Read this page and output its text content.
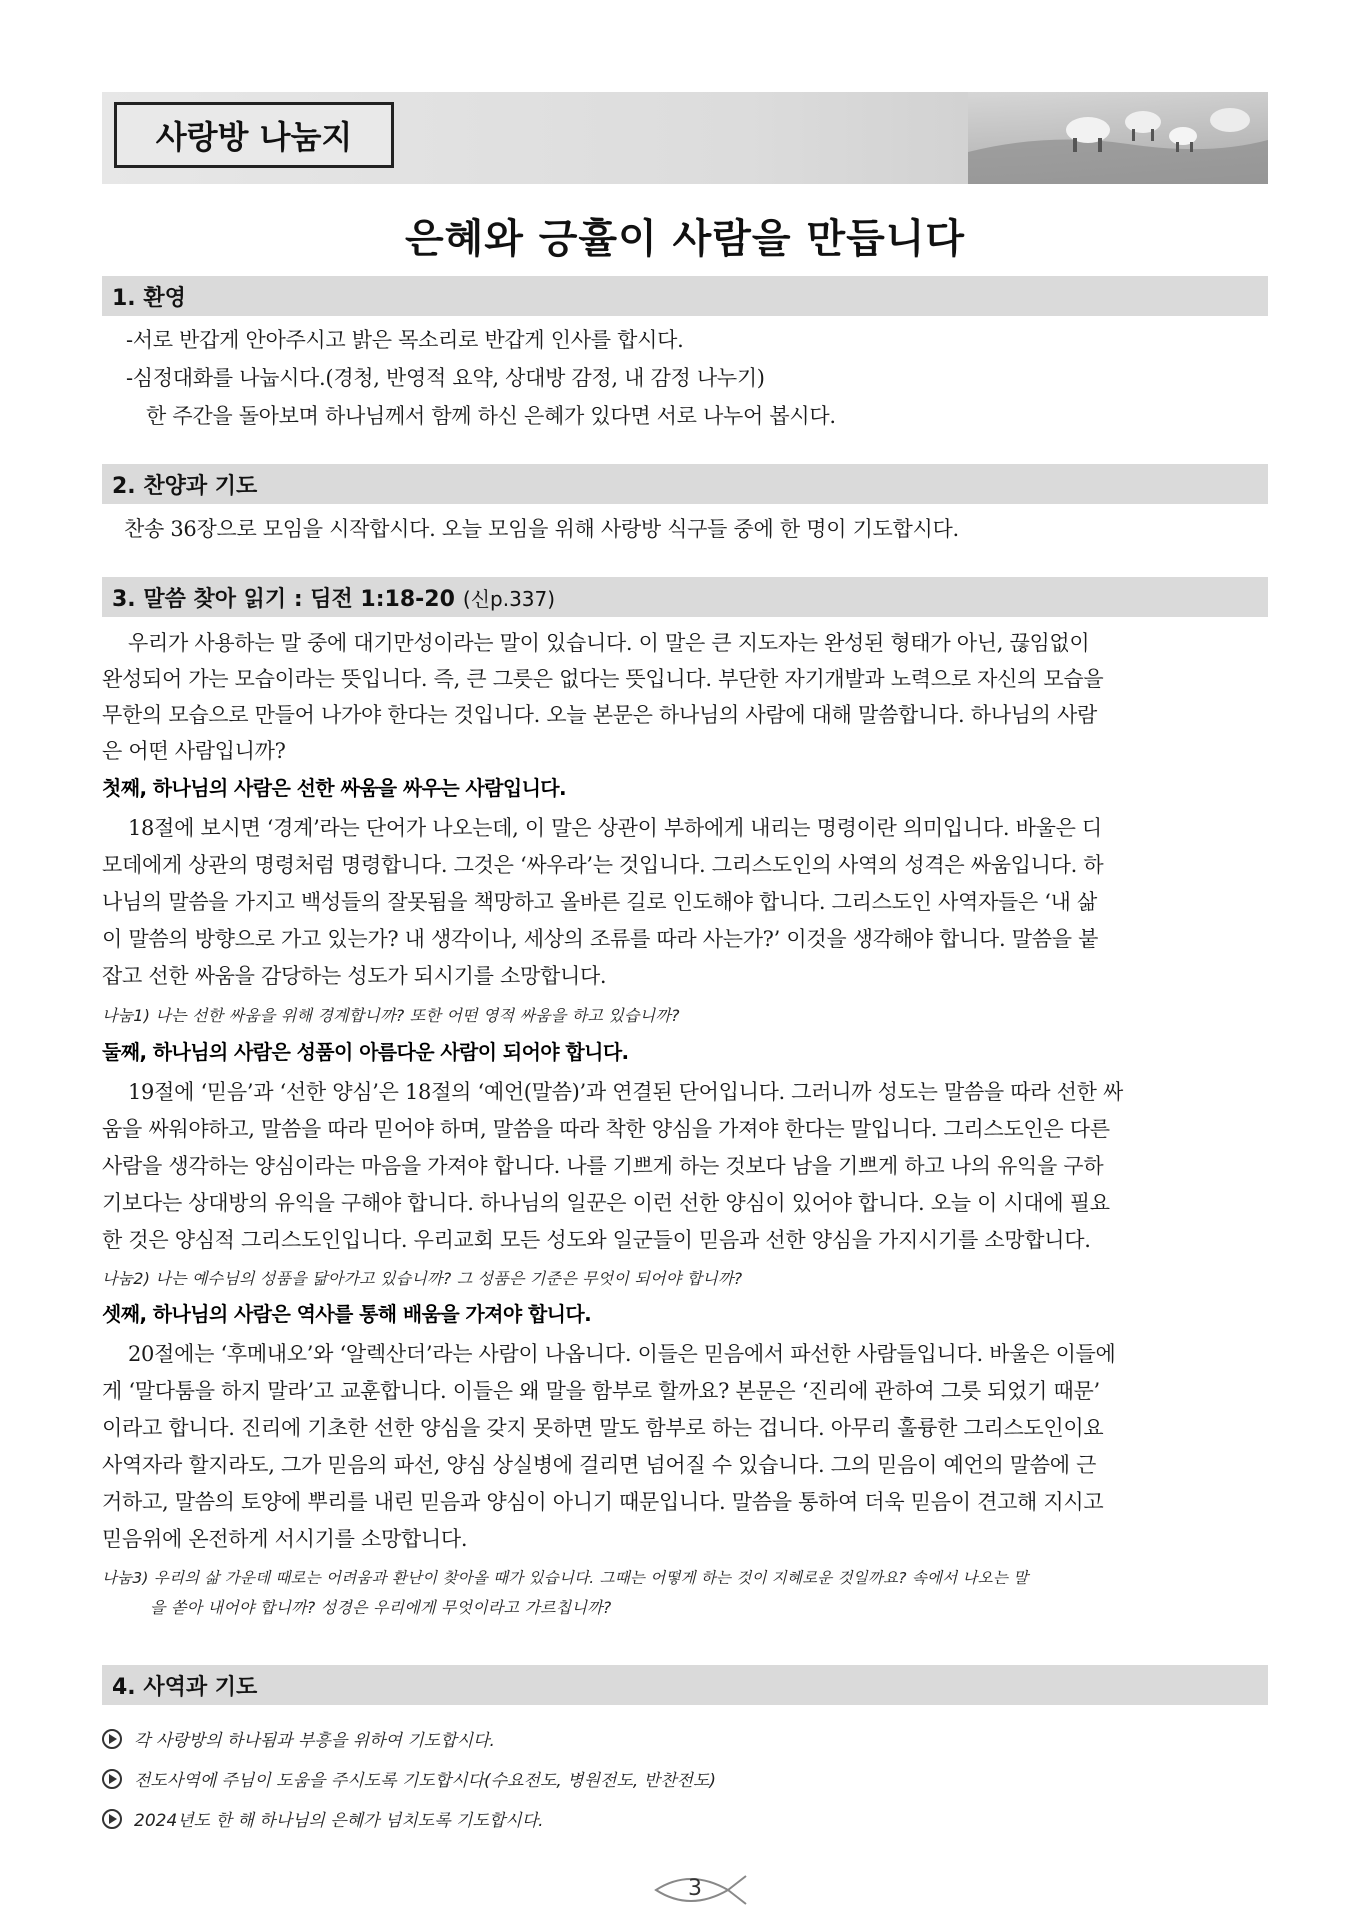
사랑방 나눔지
은혜와 긍휼이 사람을 만듭니다
1. 환영
-서로 반갑게 안아주시고 밝은 목소리로 반갑게 인사를 합시다.
-심정대화를 나눕시다.(경청, 반영적 요약, 상대방 감정, 내 감정 나누기)
한 주간을 돌아보며 하나님께서 함께 하신 은혜가 있다면 서로 나누어 봅시다.
2. 찬양과 기도
찬송 36장으로 모임을 시작합시다. 오늘 모임을 위해 사랑방 식구들 중에 한 명이 기도합시다.
3. 말씀 찾아 읽기 : 딤전 1:18-20 (신p.337)
우리가 사용하는 말 중에 대기만성이라는 말이 있습니다. 이 말은 큰 지도자는 완성된 형태가 아닌, 끊임없이
완성되어 가는 모습이라는 뜻입니다. 즉, 큰 그릇은 없다는 뜻입니다. 부단한 자기개발과 노력으로 자신의 모습을
무한의 모습으로 만들어 나가야 한다는 것입니다. 오늘 본문은 하나님의 사람에 대해 말씀합니다. 하나님의 사람
은 어떤 사람입니까?
첫째, 하나님의 사람은 선한 싸움을 싸우는 사람입니다.
18절에 보시면 ‘경계’라는 단어가 나오는데, 이 말은 상관이 부하에게 내리는 명령이란 의미입니다. 바울은 디
모데에게 상관의 명령처럼 명령합니다. 그것은 ‘싸우라’는 것입니다. 그리스도인의 사역의 성격은 싸움입니다. 하
나님의 말씀을 가지고 백성들의 잘못됨을 책망하고 올바른 길로 인도해야 합니다. 그리스도인 사역자들은 ‘내 삶
이 말씀의 방향으로 가고 있는가? 내 생각이나, 세상의 조류를 따라 사는가?’ 이것을 생각해야 합니다. 말씀을 붙
잡고 선한 싸움을 감당하는 성도가 되시기를 소망합니다.
나눔1) 나는 선한 싸움을 위해 경계합니까? 또한 어떤 영적 싸움을 하고 있습니까?
둘째, 하나님의 사람은 성품이 아름다운 사람이 되어야 합니다.
19절에 ‘믿음’과 ‘선한 양심’은 18절의 ‘예언(말씀)’과 연결된 단어입니다. 그러니까 성도는 말씀을 따라 선한 싸
움을 싸워야하고, 말씀을 따라 믿어야 하며, 말씀을 따라 착한 양심을 가져야 한다는 말입니다. 그리스도인은 다른
사람을 생각하는 양심이라는 마음을 가져야 합니다. 나를 기쁘게 하는 것보다 남을 기쁘게 하고 나의 유익을 구하
기보다는 상대방의 유익을 구해야 합니다. 하나님의 일꾼은 이런 선한 양심이 있어야 합니다. 오늘 이 시대에 필요
한 것은 양심적 그리스도인입니다. 우리교회 모든 성도와 일군들이 믿음과 선한 양심을 가지시기를 소망합니다.
나눔2) 나는 예수님의 성품을 닮아가고 있습니까? 그 성품은 기준은 무엇이 되어야 합니까?
셋째, 하나님의 사람은 역사를 통해 배움을 가져야 합니다.
20절에는 ‘후메내오’와 ‘알렉산더’라는 사람이 나옵니다. 이들은 믿음에서 파선한 사람들입니다. 바울은 이들에
게 ‘말다툼을 하지 말라’고 교훈합니다. 이들은 왜 말을 함부로 할까요? 본문은 ‘진리에 관하여 그릇 되었기 때문’
이라고 합니다. 진리에 기초한 선한 양심을 갖지 못하면 말도 함부로 하는 겁니다. 아무리 훌륭한 그리스도인이요
사역자라 할지라도, 그가 믿음의 파선, 양심 상실병에 걸리면 넘어질 수 있습니다. 그의 믿음이 예언의 말씀에 근
거하고, 말씀의 토양에 뿌리를 내린 믿음과 양심이 아니기 때문입니다. 말씀을 통하여 더욱 믿음이 견고해 지시고
믿음위에 온전하게 서시기를 소망합니다.
나눔3) 우리의 삶 가운데 때로는 어려움과 환난이 찾아올 때가 있습니다. 그때는 어떻게 하는 것이 지혜로운 것일까요? 속에서 나오는 말
을 쏟아 내어야 합니까? 성경은 우리에게 무엇이라고 가르칩니까?
4. 사역과 기도
각 사랑방의 하나됨과 부흥을 위하여 기도합시다.
전도사역에 주님이 도움을 주시도록 기도합시다(수요전도, 병원전도, 반찬전도)
2024년도 한 해 하나님의 은혜가 넘치도록 기도합시다.
3
